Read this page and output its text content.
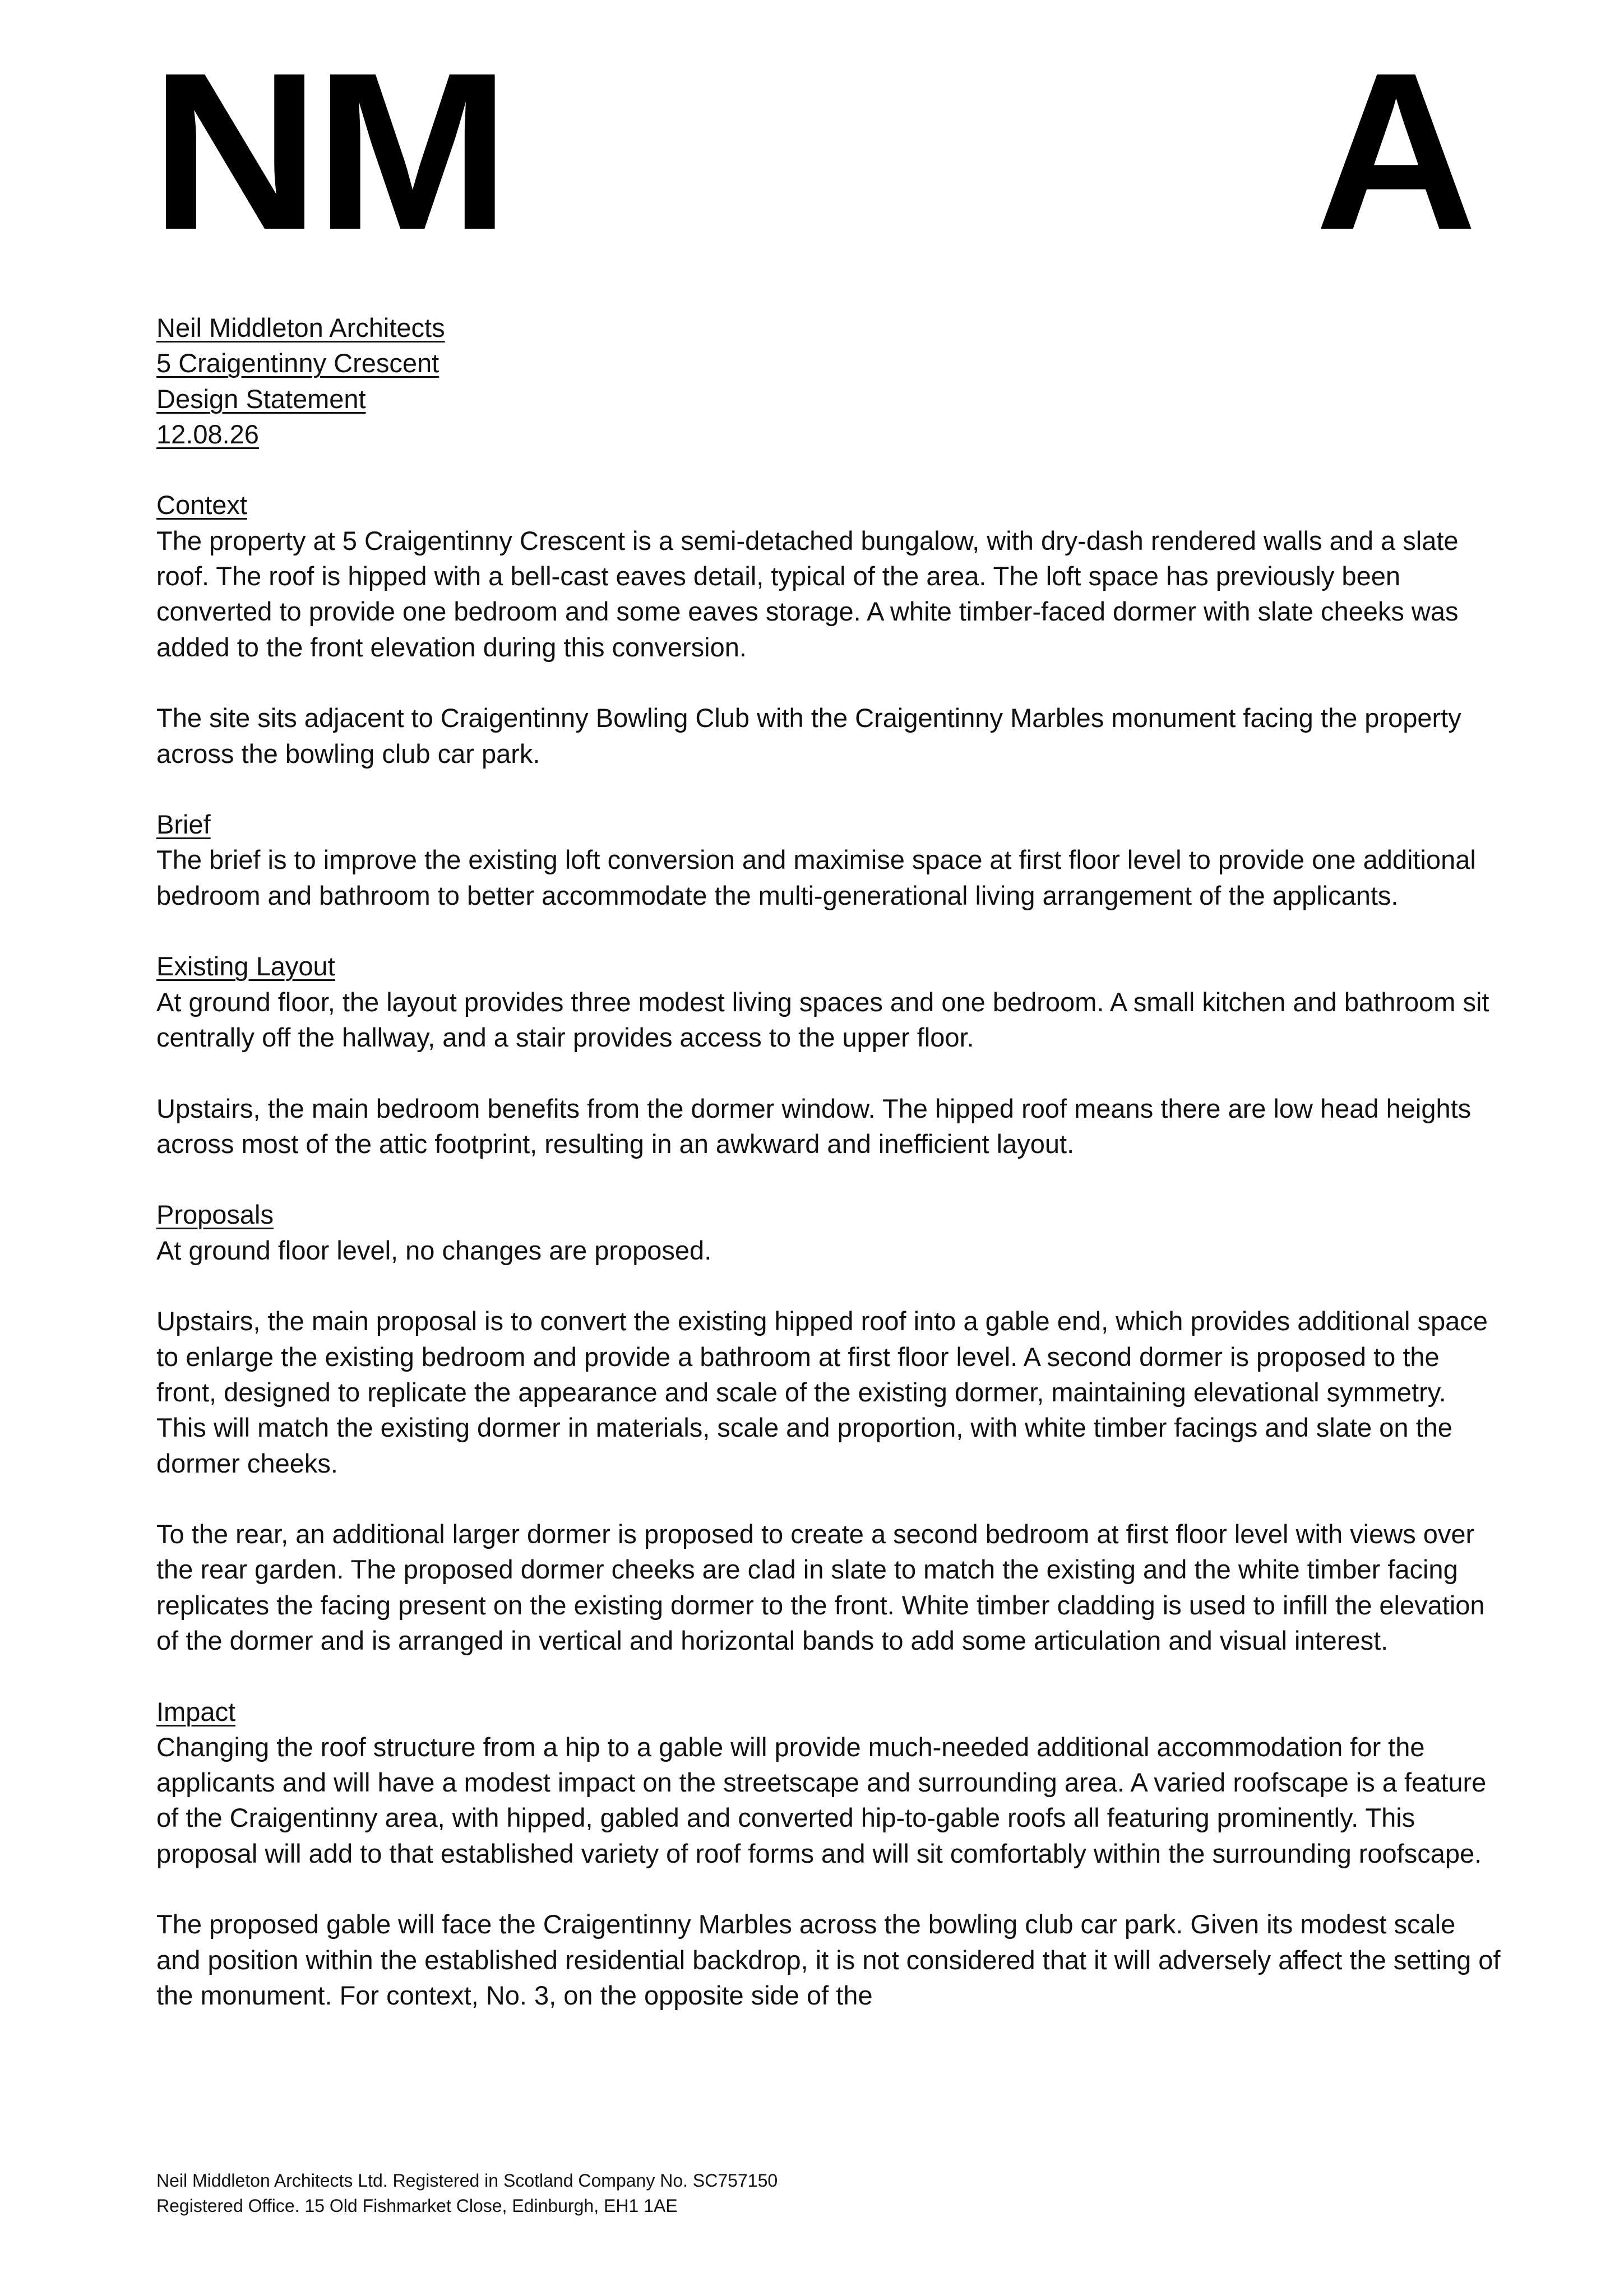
NM	A

Neil Middleton Architects

5 Craigentinny Crescent

Design Statement

12.08.26

Context

The property at 5 Craigentinny Crescent is a semi-detached bungalow, with dry-dash rendered walls and a slate roof. The roof is hipped with a bell-cast eaves detail, typical of the area. The loft space has previously been converted to provide one bedroom and some eaves storage. A white timber-faced dormer with slate cheeks was added to the front elevation during this conversion.

The site sits adjacent to Craigentinny Bowling Club with the Craigentinny Marbles monument facing the property across the bowling club car park.

Brief

The brief is to improve the existing loft conversion and maximise space at first floor level to provide one additional bedroom and bathroom to better accommodate the multi-generational living arrangement of the applicants.

Existing Layout

At ground floor, the layout provides three modest living spaces and one bedroom. A small kitchen and bathroom sit centrally off the hallway, and a stair provides access to the upper floor.

Upstairs, the main bedroom benefits from the dormer window. The hipped roof means there are low head heights across most of the attic footprint, resulting in an awkward and inefficient layout.

Proposals

At ground floor level, no changes are proposed.

Upstairs, the main proposal is to convert the existing hipped roof into a gable end, which provides additional space to enlarge the existing bedroom and provide a bathroom at first floor level. A second dormer is proposed to the front, designed to replicate the appearance and scale of the existing dormer, maintaining elevational symmetry. This will match the existing dormer in materials, scale and proportion, with white timber facings and slate on the dormer cheeks.

To the rear, an additional larger dormer is proposed to create a second bedroom at first floor level with views over the rear garden. The proposed dormer cheeks are clad in slate to match the existing and the white timber facing replicates the facing present on the existing dormer to the front. White timber cladding is used to infill the elevation of the dormer and is arranged in vertical and horizontal bands to add some articulation and visual interest.

Impact

Changing the roof structure from a hip to a gable will provide much-needed additional accommodation for the applicants and will have a modest impact on the streetscape and surrounding area. A varied roofscape is a feature of the Craigentinny area, with hipped, gabled and converted hip-to-gable roofs all featuring prominently. This proposal will add to that established variety of roof forms and will sit comfortably within the surrounding roofscape.

The proposed gable will face the Craigentinny Marbles across the bowling club car park. Given its modest scale and position within the established residential backdrop, it is not considered that it will adversely affect the setting of the monument. For context, No. 3, on the opposite side of the

Neil Middleton Architects Ltd. Registered in Scotland Company No. SC757150

Registered Office. 15 Old Fishmarket Close, Edinburgh, EH1 1AE
